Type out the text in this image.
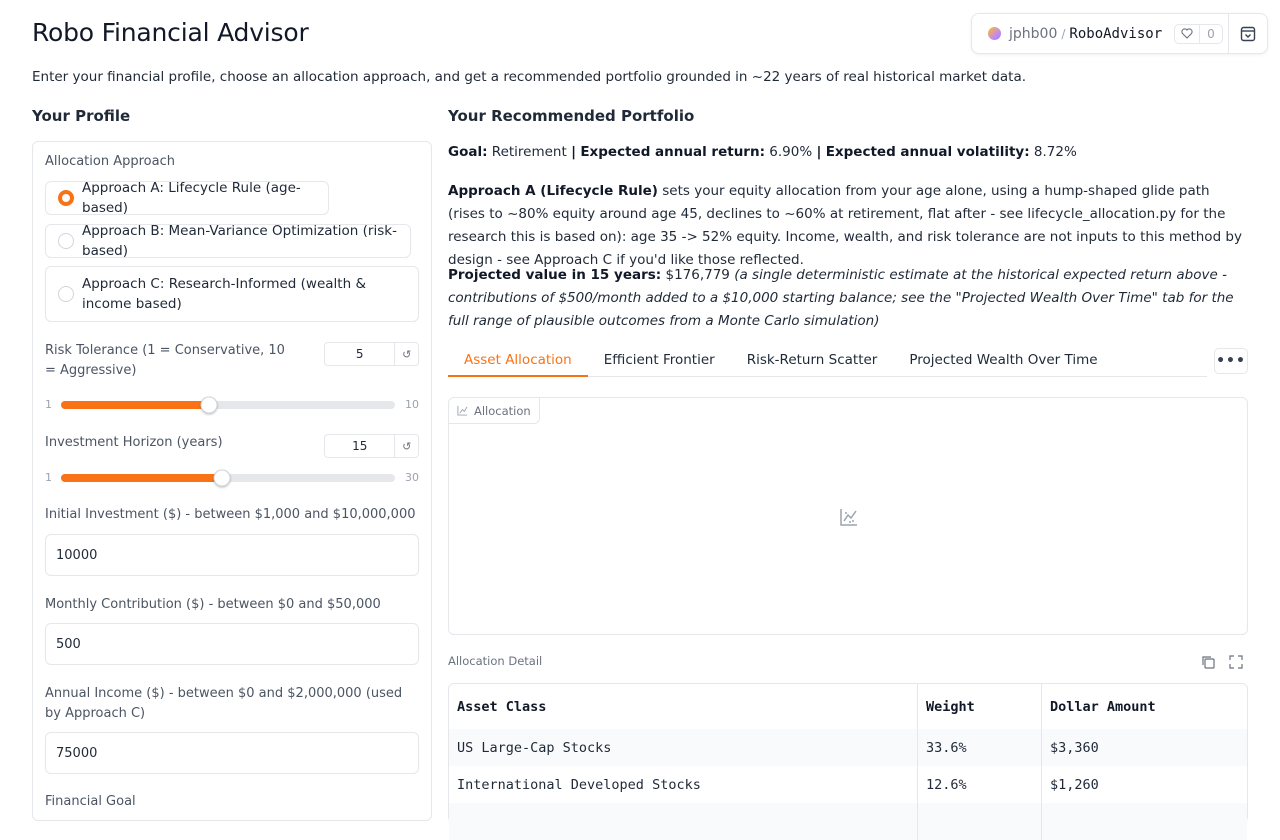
Robo Financial Advisor
Enter your financial profile, choose an allocation approach, and get a recommended portfolio grounded in ~22 years of real historical market data.
jphb00 / RoboAdvisor	0
Your Profile
Allocation Approach
Approach A: Lifecycle Rule (age-based)
Approach B: Mean-Variance Optimization (risk-based)
Approach C: Research-Informed (wealth & income based)
Risk Tolerance (1 = Conservative, 10 = Aggressive)
5	↺
1	10
Investment Horizon (years)	15	↺
1	30
Initial Investment ($) - between $1,000 and $10,000,000
10000
Monthly Contribution ($) - between $0 and $50,000
500
Annual Income ($) - between $0 and $2,000,000 (used by Approach C)
75000
Financial Goal
Your Recommended Portfolio
Goal: Retirement | Expected annual return: 6.90% | Expected annual volatility: 8.72%
Approach A (Lifecycle Rule) sets your equity allocation from your age alone, using a hump-shaped glide path (rises to ~80% equity around age 45, declines to ~60% at retirement, flat after - see lifecycle_allocation.py for the research this is based on): age 35 -> 52% equity. Income, wealth, and risk tolerance are not inputs to this method by design - see Approach C if you'd like those reflected.
Projected value in 15 years: $176,779 (a single deterministic estimate at the historical expected return above - contributions of $500/month added to a $10,000 starting balance; see the "Projected Wealth Over Time" tab for the full range of plausible outcomes from a Monte Carlo simulation)
Asset Allocation	Efficient Frontier	Risk-Return Scatter	Projected Wealth Over Time	•••
Allocation
Allocation Detail
Asset Class	Weight	Dollar Amount
US Large-Cap Stocks	33.6%	$3,360
International Developed Stocks	12.6%	$1,260
